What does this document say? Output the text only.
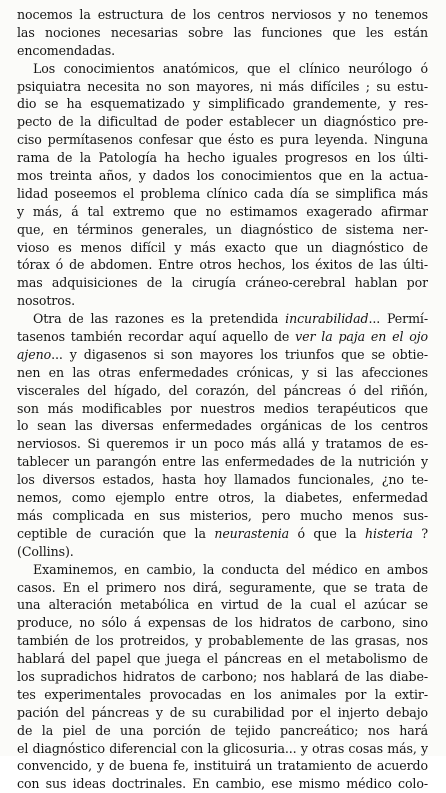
nocemos la estructura de los centros nerviosos y no tenemos
las nociones necesarias sobre las funciones que les están
encomendadas.
Los conocimientos anatómicos, que el clínico neurólogo ó
psiquiatra necesita no son mayores, ni más difíciles ; su estu-
dio se ha esquematizado y simplificado grandemente, y res-
pecto de la dificultad de poder establecer un diagnóstico pre-
ciso permítasenos confesar que ésto es pura leyenda. Ninguna
rama de la Patología ha hecho iguales progresos en los últi-
mos treinta años, y dados los conocimientos que en la actua-
lidad poseemos el problema clínico cada día se simplifica más
y más, á tal extremo que no estimamos exagerado afirmar
que, en términos generales, un diagnóstico de sistema ner-
vioso es menos difícil y más exacto que un diagnóstico de
tórax ó de abdomen. Entre otros hechos, los éxitos de las últi-
mas adquisiciones de la cirugía cráneo-cerebral hablan por
nosotros.
Otra de las razones es la pretendida incurabilidad... Permí-
tasenos también recordar aquí aquello de ver la paja en el ojo
ajeno... y digasenos si son mayores los triunfos que se obtie-
nen en las otras enfermedades crónicas, y si las afecciones
viscerales del hígado, del corazón, del páncreas ó del riñón,
son más modificables por nuestros medios terapéuticos que
lo sean las diversas enfermedades orgánicas de los centros
nerviosos. Si queremos ir un poco más allá y tratamos de es-
tablecer un parangón entre las enfermedades de la nutrición y
los diversos estados, hasta hoy llamados funcionales, ¿no te-
nemos, como ejemplo entre otros, la diabetes, enfermedad
más complicada en sus misterios, pero mucho menos sus-
ceptible de curación que la neurastenia ó que la histeria ?
(Collins).
Examinemos, en cambio, la conducta del médico en ambos
casos. En el primero nos dirá, seguramente, que se trata de
una alteración metabólica en virtud de la cual el azúcar se
produce, no sólo á expensas de los hidratos de carbono, sino
también de los protreidos, y probablemente de las grasas, nos
hablará del papel que juega el páncreas en el metabolismo de
los supradichos hidratos de carbono; nos hablará de las diabe-
tes experimentales provocadas en los animales por la extir-
pación del páncreas y de su curabilidad por el injerto debajo
de la piel de una porción de tejido pancreático; nos hará
el diagnóstico diferencial con la glicosuria... y otras cosas más, y
convencido, y de buena fe, instituirá un tratamiento de acuerdo
con sus ideas doctrinales. En cambio, ese mismo médico colo-
